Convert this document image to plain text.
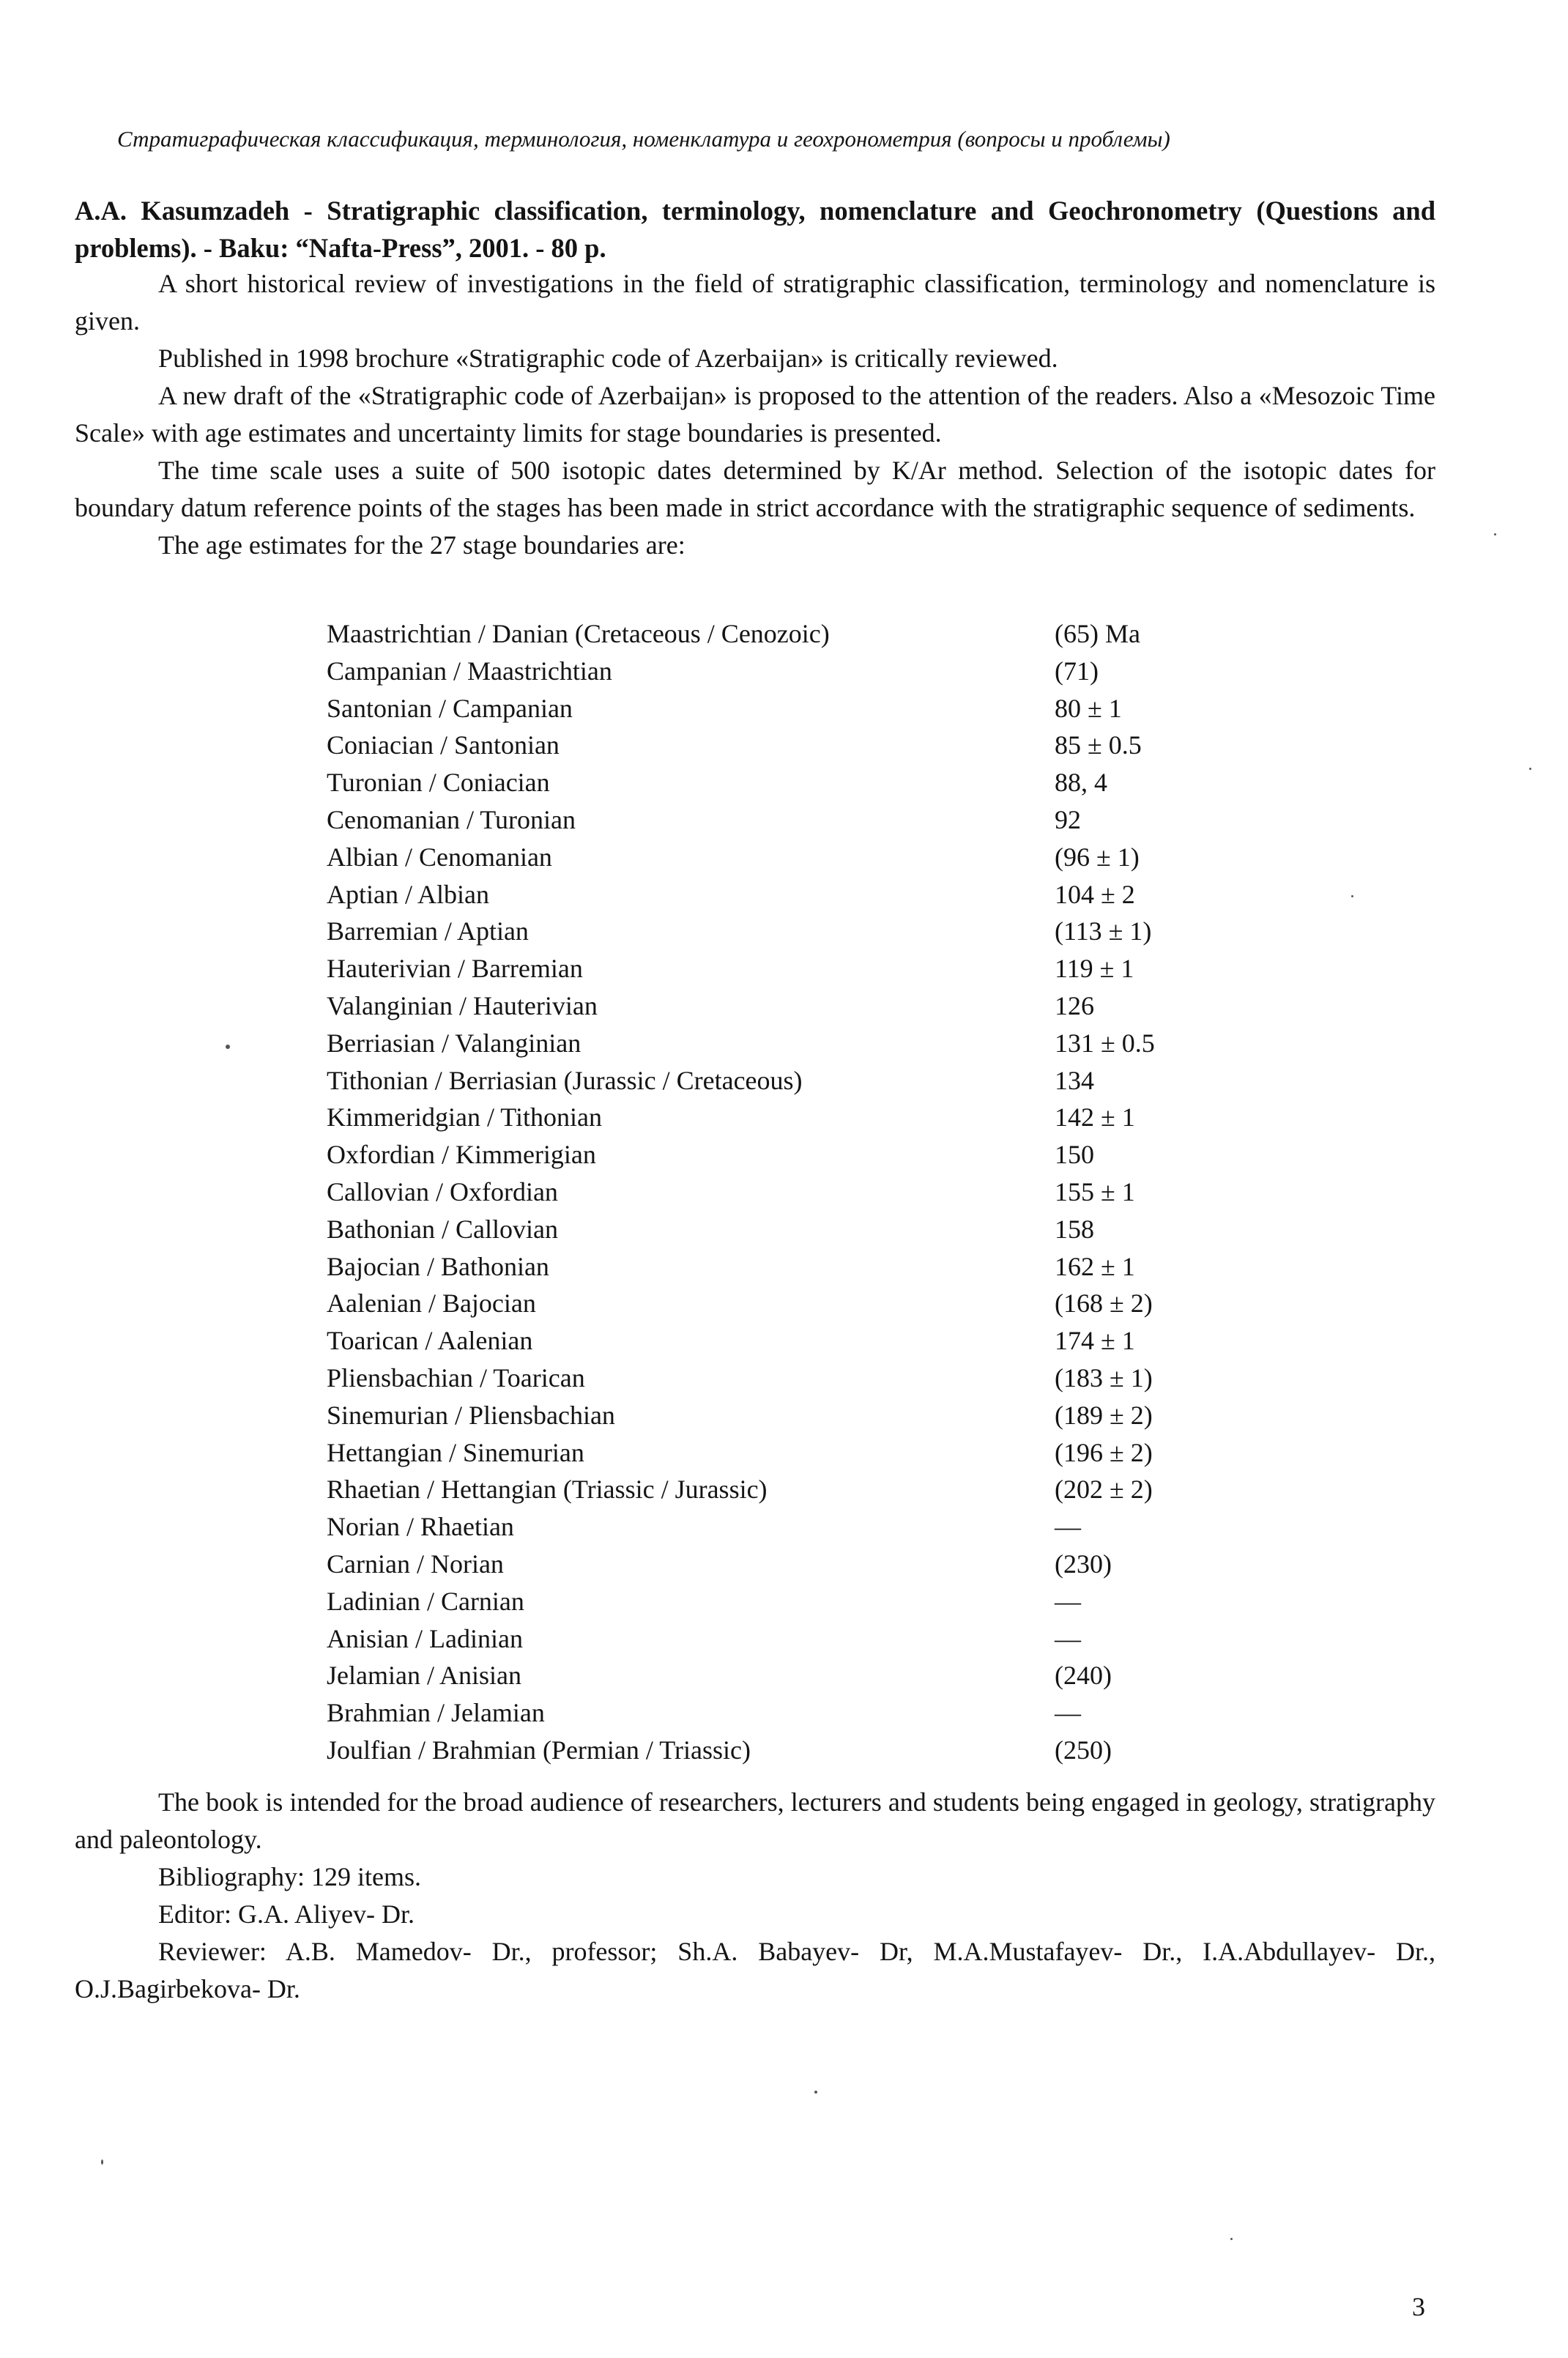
Стратиграфическая классификация, терминология, номенклатура и геохронометрия (вопросы и проблемы)
A.A. Kasumzadeh - Stratigraphic classification, terminology, nomenclature and Geochronometry (Questions and problems). - Baku: “Nafta-Press”, 2001. - 80 p.

A short historical review of investigations in the field of stratigraphic classification, terminology and nomenclature is given.

Published in 1998 brochure «Stratigraphic code of Azerbaijan» is critically reviewed.

A new draft of the «Stratigraphic code of Azerbaijan» is proposed to the attention of the readers. Also a «Mesozoic Time Scale» with age estimates and uncertainty limits for stage boundaries is presented.

The time scale uses a suite of 500 isotopic dates determined by K/Ar method. Selection of the isotopic dates for boundary datum reference points of the stages has been made in strict accordance with the stratigraphic sequence of sediments.

The age estimates for the 27 stage boundaries are:

Maastrichtian / Danian (Cretaceous / Cenozoic)	(65) Ma
Campanian / Maastrichtian	(71)
Santonian / Campanian	80 ± 1
Coniacian / Santonian	85 ± 0.5
Turonian / Coniacian	88, 4
Cenomanian / Turonian	92
Albian / Cenomanian	(96 ± 1)
Aptian / Albian	104 ± 2
Barremian / Aptian	(113 ± 1)
Hauterivian / Barremian	119 ± 1
Valanginian / Hauterivian	126
Berriasian / Valanginian	131 ± 0.5
Tithonian / Berriasian (Jurassic / Cretaceous)	134
Kimmeridgian / Tithonian	142 ± 1
Oxfordian / Kimmerigian	150
Callovian / Oxfordian	155 ± 1
Bathonian / Callovian	158
Bajocian / Bathonian	162 ± 1
Aalenian / Bajocian	(168 ± 2)
Toarican / Aalenian	174 ± 1
Pliensbachian / Toarican	(183 ± 1)
Sinemurian / Pliensbachian	(189 ± 2)
Hettangian / Sinemurian	(196 ± 2)
Rhaetian / Hettangian (Triassic / Jurassic)	(202 ± 2)
Norian / Rhaetian	—
Carnian / Norian	(230)
Ladinian / Carnian	—
Anisian / Ladinian	—
Jelamian / Anisian	(240)
Brahmian / Jelamian	—
Joulfian / Brahmian (Permian / Triassic)	(250)

The book is intended for the broad audience of researchers, lecturers and students being engaged in geology, stratigraphy and paleontology.

Bibliography: 129 items.

Editor: G.A. Aliyev- Dr.

Reviewer: A.B. Mamedov- Dr., professor; Sh.A. Babayev- Dr, M.A.Mustafayev- Dr., I.A.Abdullayev- Dr., O.J.Bagirbekova- Dr.

3
